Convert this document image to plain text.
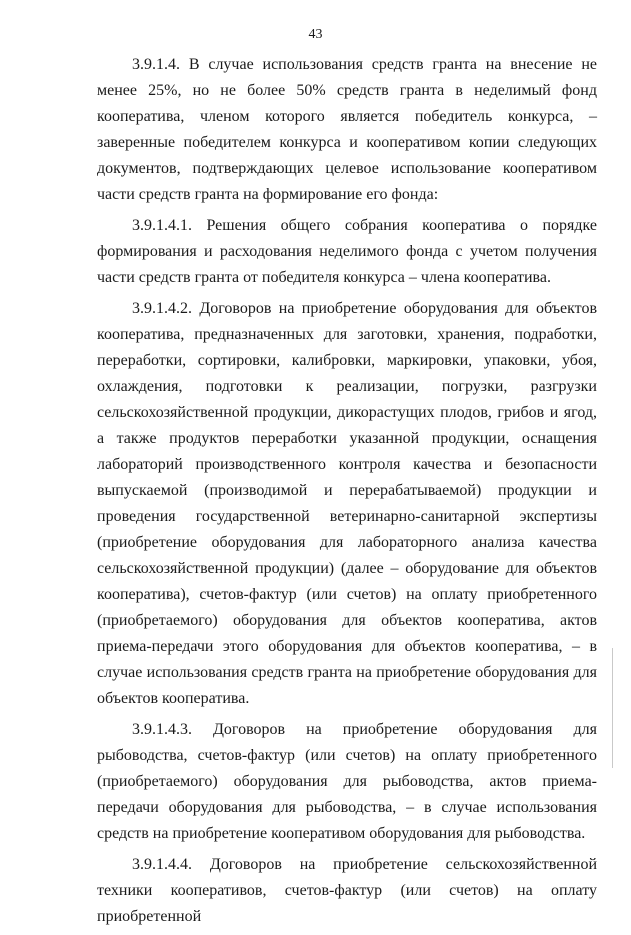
43

3.9.1.4. В случае использования средств гранта на внесение не менее 25%, но не более 50% средств гранта в неделимый фонд кооператива, членом которого является победитель конкурса, – заверенные победителем конкурса и кооперативом копии следующих документов, подтверждающих целевое использование кооперативом части средств гранта на формирование его фонда:

3.9.1.4.1. Решения общего собрания кооператива о порядке формирования и расходования неделимого фонда с учетом получения части средств гранта от победителя конкурса – члена кооператива.

3.9.1.4.2. Договоров на приобретение оборудования для объектов кооператива, предназначенных для заготовки, хранения, подработки, переработки, сортировки, калибровки, маркировки, упаковки, убоя, охлаждения, подготовки к реализации, погрузки, разгрузки сельскохозяйственной продукции, дикорастущих плодов, грибов и ягод, а также продуктов переработки указанной продукции, оснащения лабораторий производственного контроля качества и безопасности выпускаемой (производимой и перерабатываемой) продукции и проведения государственной ветеринарно-санитарной экспертизы (приобретение оборудования для лабораторного анализа качества сельскохозяйственной продукции) (далее – оборудование для объектов кооператива), счетов-фактур (или счетов) на оплату приобретенного (приобретаемого) оборудования для объектов кооператива, актов приема-передачи этого оборудования для объектов кооператива, – в случае использования средств гранта на приобретение оборудования для объектов кооператива.

3.9.1.4.3. Договоров на приобретение оборудования для рыбоводства, счетов-фактур (или счетов) на оплату приобретенного (приобретаемого) оборудования для рыбоводства, актов приема-передачи оборудования для рыбоводства, – в случае использования средств на приобретение кооперативом оборудования для рыбоводства.

3.9.1.4.4. Договоров на приобретение сельскохозяйственной техники кооперативов, счетов-фактур (или счетов) на оплату приобретенной
